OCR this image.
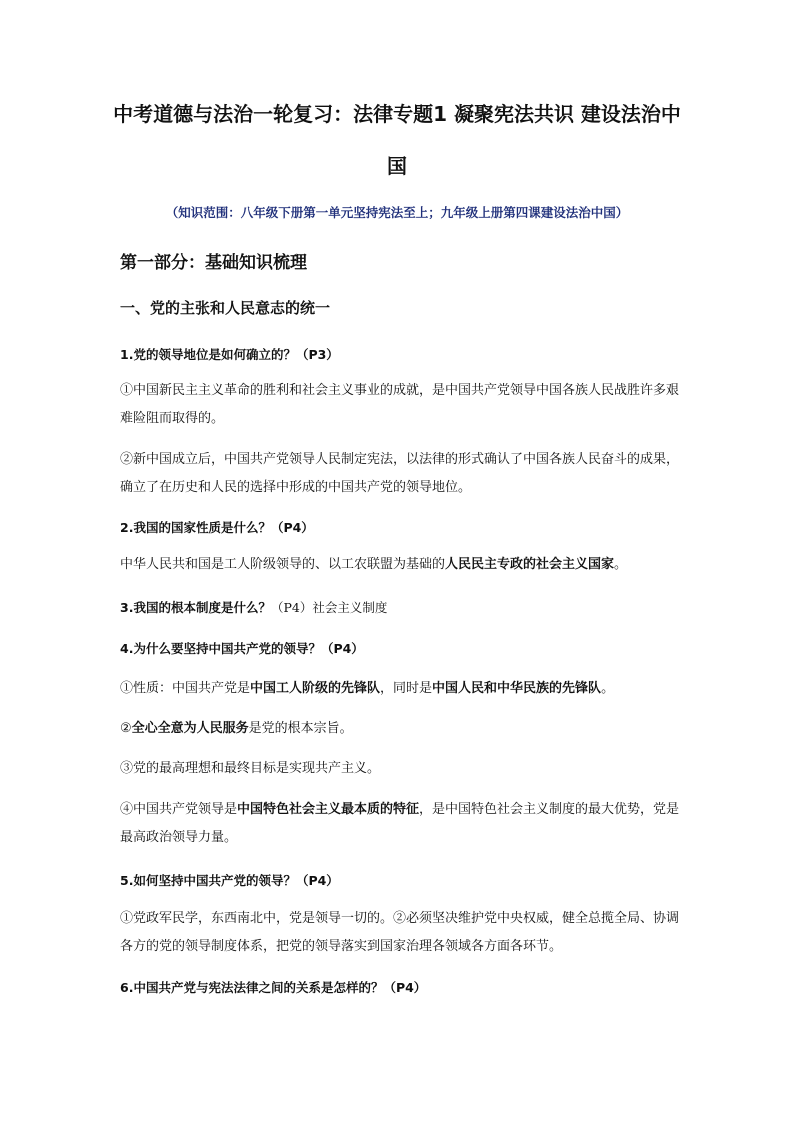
中考道德与法治一轮复习：法律专题1 凝聚宪法共识 建设法治中
国
（知识范围：八年级下册第一单元坚持宪法至上；九年级上册第四课建设法治中国）
第一部分：基础知识梳理
一、党的主张和人民意志的统一
1.党的领导地位是如何确立的？（P3）
①中国新民主主义革命的胜利和社会主义事业的成就，是中国共产党领导中国各族人民战胜许多艰难险阻而取得的。
②新中国成立后，中国共产党领导人民制定宪法，以法律的形式确认了中国各族人民奋斗的成果，确立了在历史和人民的选择中形成的中国共产党的领导地位。
2.我国的国家性质是什么？（P4）
中华人民共和国是工人阶级领导的、以工农联盟为基础的人民民主专政的社会主义国家。
3.我国的根本制度是什么？（P4）社会主义制度
4.为什么要坚持中国共产党的领导？（P4）
①性质：中国共产党是中国工人阶级的先锋队，同时是中国人民和中华民族的先锋队。
②全心全意为人民服务是党的根本宗旨。
③党的最高理想和最终目标是实现共产主义。
④中国共产党领导是中国特色社会主义最本质的特征，是中国特色社会主义制度的最大优势，党是最高政治领导力量。
5.如何坚持中国共产党的领导？（P4）
①党政军民学，东西南北中，党是领导一切的。②必须坚决维护党中央权威，健全总揽全局、协调各方的党的领导制度体系，把党的领导落实到国家治理各领域各方面各环节。
6.中国共产党与宪法法律之间的关系是怎样的？（P4）
